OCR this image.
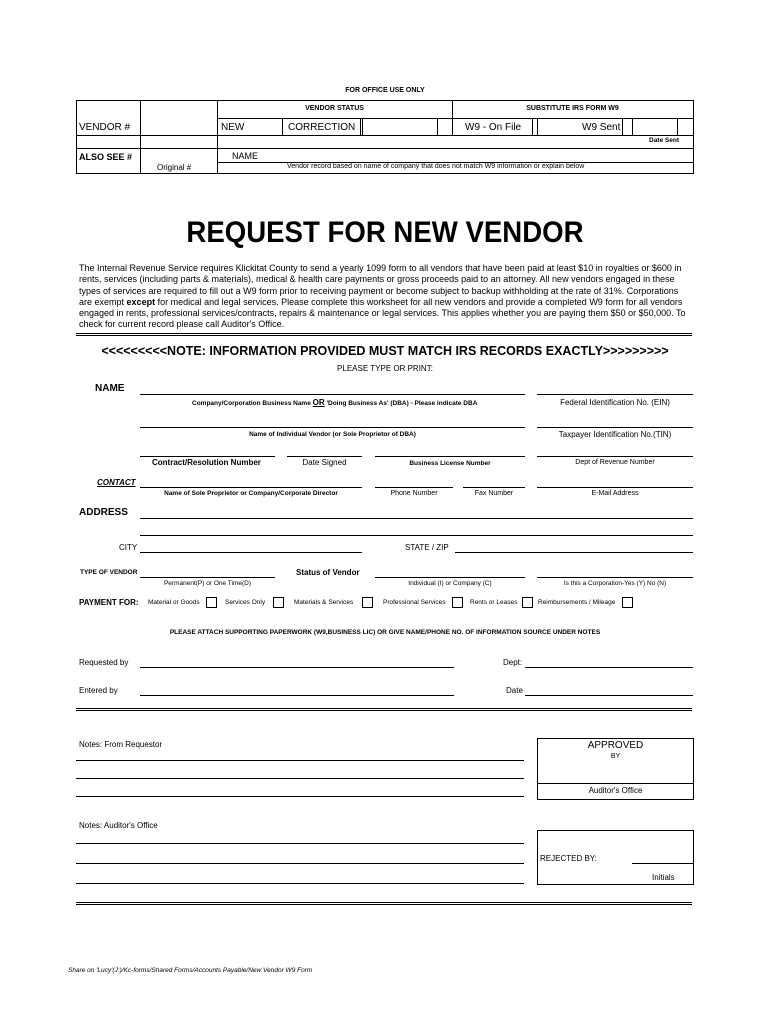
FOR OFFICE USE ONLY
VENDOR STATUS	SUBSTITUTE IRS FORM W9
VENDOR #	NEW	CORRECTION	W9 - On File	W9 Sent
Date Sent
ALSO SEE #	NAME
Original #	Vendor record based on name of company that does not match W9 information or explain below
REQUEST FOR NEW VENDOR
The Internal Revenue Service requires Klickitat County to send a yearly 1099 form to all vendors that have been paid at least $10 in royalties or $600 in rents, services (including parts & materials), medical & health care payments or gross proceeds paid to an attorney. All new vendors engaged in these types of services are required to fill out a W9 form prior to receiving payment or become subject to backup withholding at the rate of 31%. Corporations are exempt except for medical and legal services. Please complete this worksheet for all new vendors and provide a completed W9 form for all vendors engaged in rents, professional services/contracts, repairs & maintenance or legal services. This applies whether you are paying them $50 or $50,000. To check for current record please call Auditor's Office.
<<<<<<<<<NOTE: INFORMATION PROVIDED MUST MATCH IRS RECORDS EXACTLY>>>>>>>>>
PLEASE TYPE OR PRINT:
NAME
Company/Corporation Business Name OR 'Doing Business As' (DBA) - Please indicate DBA	Federal Identification No. (EIN)
Name of Individual Vendor (or Sole Proprietor of DBA)	Taxpayer Identification No.(TIN)
Contract/Resolution Number	Date Signed	Business License Number	Dept of Revenue Number
CONTACT
Name of Sole Proprietor or Company/Corporate Director	Phone Number	Fax Number	E-Mail Address
ADDRESS
CITY	STATE / ZIP
TYPE OF VENDOR	Status of Vendor
Permanent(P) or One Time(D)	Individual (I) or Company (C)	Is this a Corporation-Yes (Y) No (N)
PAYMENT FOR: Material or Goods	Services Only	Materials & Services	Professional Services	Rents or Leases	Reimbursements / Mileage
PLEASE ATTACH SUPPORTING PAPERWORK (W9,BUSINESS LIC) OR GIVE NAME/PHONE NO. OF INFORMATION SOURCE UNDER NOTES
Requested by	Dept:
Entered by	Date
Notes: From Requestor	APPROVED
BY
Auditor's Office
Notes: Auditor's Office
REJECTED BY:
Initials
Share on 'Lucy'(J:)/Kc-forms/Shared Forms/Accounts Payable/New Vendor W9 Form
